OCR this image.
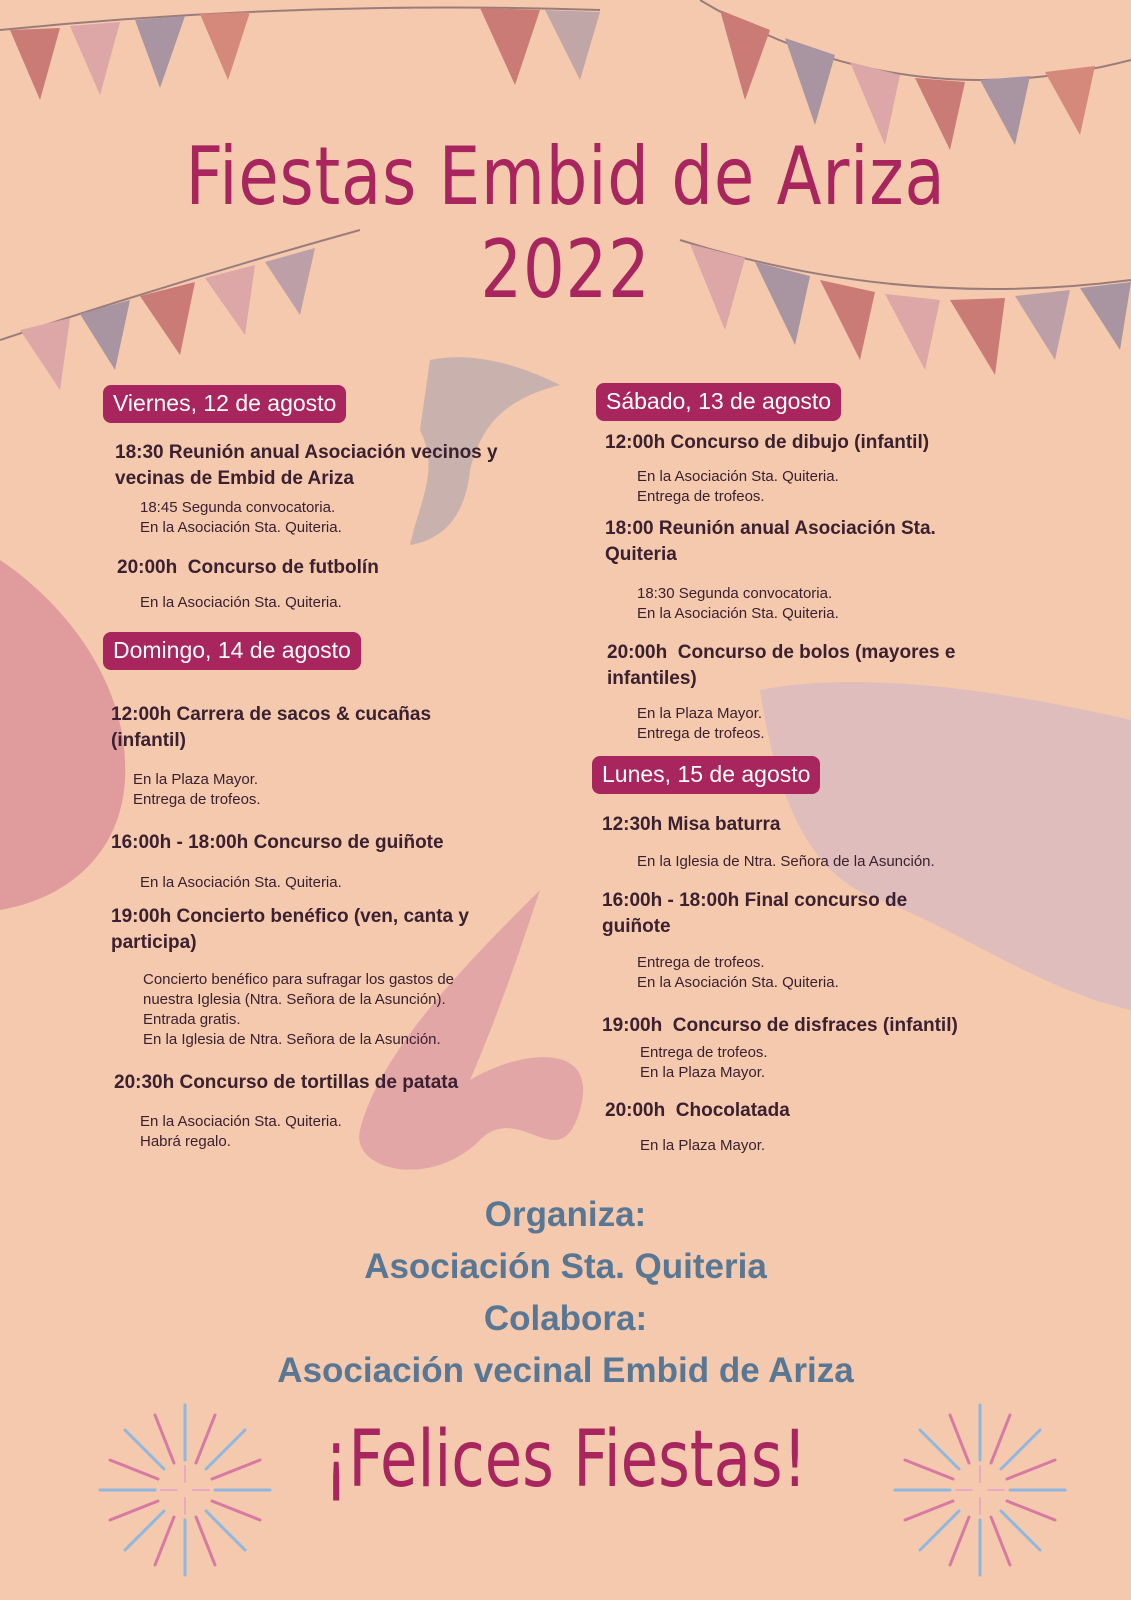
Fiestas Embid de Ariza 2022
Viernes, 12 de agosto
18:30 Reunión anual Asociación vecinos y
vecinas de Embid de Ariza
18:45 Segunda convocatoria.
En la Asociación Sta. Quiteria.
20:00h  Concurso de futbolín
En la Asociación Sta. Quiteria.
Domingo, 14 de agosto
12:00h Carrera de sacos & cucañas
(infantil)
En la Plaza Mayor.
Entrega de trofeos.
16:00h - 18:00h Concurso de guiñote
En la Asociación Sta. Quiteria.
19:00h Concierto benéfico (ven, canta y
participa)
Concierto benéfico para sufragar los gastos de
nuestra Iglesia (Ntra. Señora de la Asunción).
Entrada gratis.
En la Iglesia de Ntra. Señora de la Asunción.
20:30h Concurso de tortillas de patata
En la Asociación Sta. Quiteria.
Habrá regalo.
Sábado, 13 de agosto
12:00h Concurso de dibujo (infantil)
En la Asociación Sta. Quiteria.
Entrega de trofeos.
18:00 Reunión anual Asociación Sta.
Quiteria
18:30 Segunda convocatoria.
En la Asociación Sta. Quiteria.
20:00h  Concurso de bolos (mayores e
infantiles)
En la Plaza Mayor.
Entrega de trofeos.
Lunes, 15 de agosto
12:30h Misa baturra
En la Iglesia de Ntra. Señora de la Asunción.
16:00h - 18:00h Final concurso de
guiñote
Entrega de trofeos.
En la Asociación Sta. Quiteria.
19:00h  Concurso de disfraces (infantil)
Entrega de trofeos.
En la Plaza Mayor.
20:00h  Chocolatada
En la Plaza Mayor.
Organiza:
Asociación Sta. Quiteria
Colabora:
Asociación vecinal Embid de Ariza
¡Felices Fiestas!
